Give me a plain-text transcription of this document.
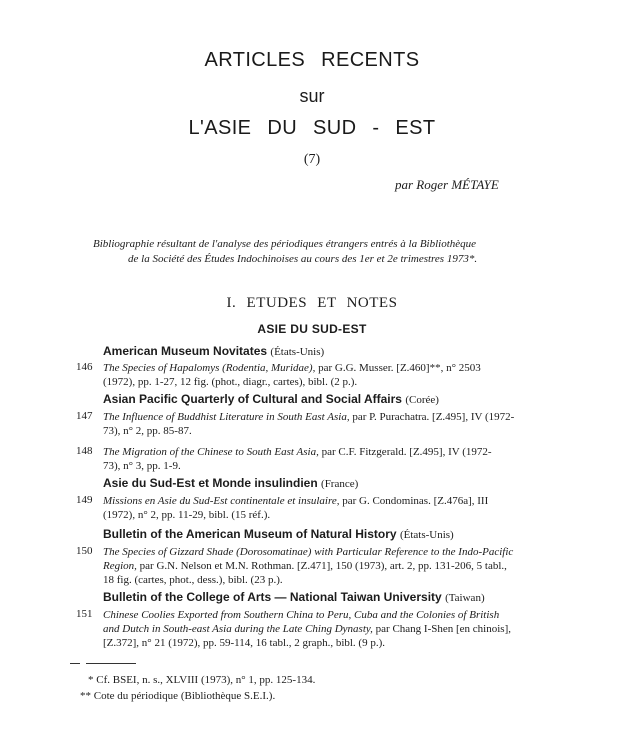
ARTICLES RECENTS
sur
L'ASIE DU SUD - EST
(7)
par Roger MÉTAYE
Bibliographie résultant de l'analyse des périodiques étrangers entrés à la Bibliothèque
de la Société des Études Indochinoises au cours des 1er et 2e trimestres 1973*.
I. ETUDES ET NOTES
ASIE DU SUD-EST
American Museum Novitates (États-Unis)
146 The Species of Hapalomys (Rodentia, Muridae), par G.G. Musser. [Z.460]**, n° 2503
(1972), pp. 1-27, 12 fig. (phot., diagr., cartes), bibl. (2 p.).
Asian Pacific Quarterly of Cultural and Social Affairs (Corée)
147 The Influence of Buddhist Literature in South East Asia, par P. Purachatra. [Z.495], IV (1972-
73), n° 2, pp. 85-87.
148 The Migration of the Chinese to South East Asia, par C.F. Fitzgerald. [Z.495], IV (1972-
73), n° 3, pp. 1-9.
Asie du Sud-Est et Monde insulindien (France)
149 Missions en Asie du Sud-Est continentale et insulaire, par G. Condominas. [Z.476a], III
(1972), n° 2, pp. 11-29, bibl. (15 réf.).
Bulletin of the American Museum of Natural History (États-Unis)
150 The Species of Gizzard Shade (Dorosomatinae) with Particular Reference to the Indo-Pacific
Region, par G.N. Nelson et M.N. Rothman. [Z.471], 150 (1973), art. 2, pp. 131-206, 5 tabl.,
18 fig. (cartes, phot., dess.), bibl. (23 p.).
Bulletin of the College of Arts — National Taiwan University (Taiwan)
151 Chinese Coolies Exported from Southern China to Peru, Cuba and the Colonies of British
and Dutch in South-east Asia during the Late Ching Dynasty, par Chang I-Shen [en chinois],
[Z.372], n° 21 (1972), pp. 59-114, 16 tabl., 2 graph., bibl. (9 p.).
* Cf. BSEI, n. s., XLVIII (1973), n° 1, pp. 125-134.
** Cote du périodique (Bibliothèque S.E.I.).
